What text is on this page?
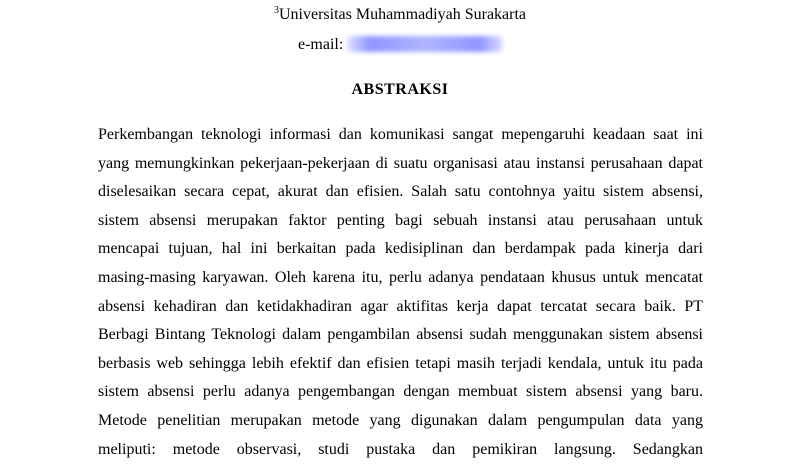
$^3$Universitas Muhammadiyah Surakarta
e-mail:
ABSTRAKSI
Perkembangan teknologi informasi dan komunikasi sangat mepengaruhi keadaan saat ini
yang memungkinkan pekerjaan-pekerjaan di suatu organisasi atau instansi perusahaan dapat
diselesaikan secara cepat, akurat dan efisien. Salah satu contohnya yaitu sistem absensi,
sistem absensi merupakan faktor penting bagi sebuah instansi atau perusahaan untuk
mencapai tujuan, hal ini berkaitan pada kedisiplinan dan berdampak pada kinerja dari
masing-masing karyawan. Oleh karena itu, perlu adanya pendataan khusus untuk mencatat
absensi kehadiran dan ketidakhadiran agar aktifitas kerja dapat tercatat secara baik. PT
Berbagi Bintang Teknologi dalam pengambilan absensi sudah menggunakan sistem absensi
berbasis web sehingga lebih efektif dan efisien tetapi masih terjadi kendala, untuk itu pada
sistem absensi perlu adanya pengembangan dengan membuat sistem absensi yang baru.
Metode penelitian merupakan metode yang digunakan dalam pengumpulan data yang
meliputi: metode observasi, studi pustaka dan pemikiran langsung. Sedangkan
